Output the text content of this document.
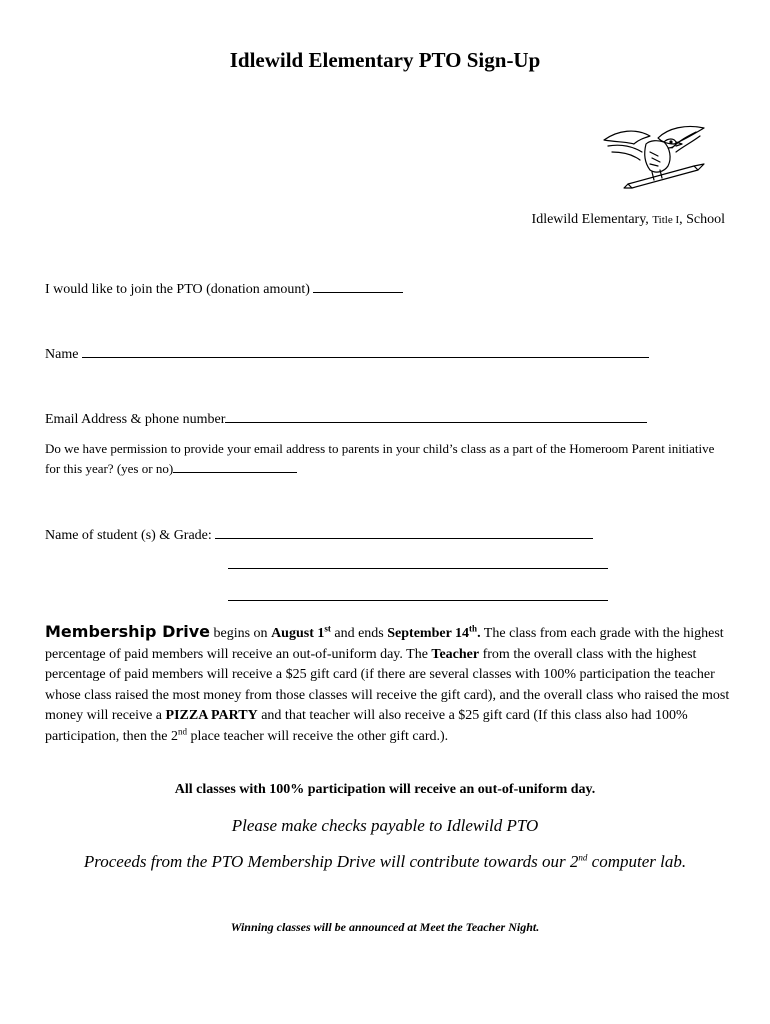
Idlewild Elementary PTO Sign-Up
Idlewild Elementary, Title I, School
I would like to join the PTO (donation amount)
Name
Email Address & phone number
Do we have permission to provide your email address to parents in your child’s class as a part of the Homeroom Parent initiative for this year? (yes or no)
Name of student (s) & Grade:
Membership Drive begins on August 1st and ends September 14th. The class from each grade with the highest percentage of paid members will receive an out-of-uniform day. The Teacher from the overall class with the highest percentage of paid members will receive a $25 gift card (if there are several classes with 100% participation the teacher whose class raised the most money from those classes will receive the gift card), and the overall class who raised the most money will receive a PIZZA PARTY and that teacher will also receive a $25 gift card (If this class also had 100% participation, then the 2nd place teacher will receive the other gift card.).
All classes with 100% participation will receive an out-of-uniform day.
Please make checks payable to Idlewild PTO
Proceeds from the PTO Membership Drive will contribute towards our 2nd computer lab.
Winning classes will be announced at Meet the Teacher Night.
